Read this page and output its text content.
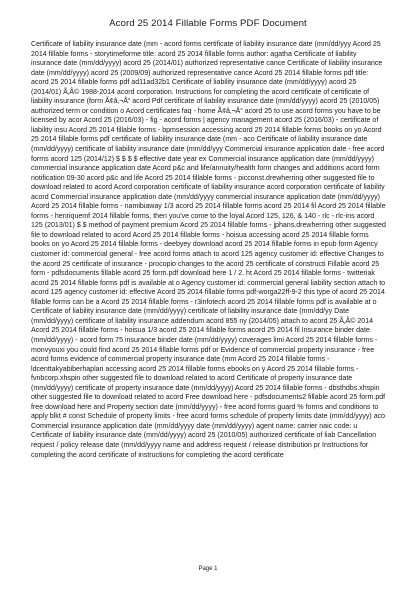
Acord 25 2014 Fillable Forms PDF Document

Certificate of liability insurance date (mm - acord forms certificate of liability insurance date (mm/dd/yyy Acord 25 2014 fillable forms - storytimeforme title: acord 25 2014 fillable forms author: agatha Certificate of liability insurance date (mm/dd/yyyy) acord 25 (2014/01) authorized representative cance Certificate of liability insurance date (mm/dd/yyyy) acord 25 (2009/09) authorized representative cance Acord 25 2014 fillable forms pdf title: acord 25 2014 fillable forms pdf ad11ad32b1 Certificate of liability insurance date (mm/dd/yyyy) acord 25 (2014/01) Ã‚Â© 1988-2014 acord corporation. Instructions for completing the acord certificate of certificate of liability insurance (form Ã¢â‚¬Å“ acord Pdf certificate of liability insurance date (mm/dd/yyyy) acord 25 (2010/05) authorized term or condition o Acord certificates faq - home Ã¢â‚¬Å“ acord 25 to use acord forms you have to be licensed by acor Acord 25 (2016/03) - fig - acord forms | agency management acord 25 (2016/03) - certificate of liability insu Acord 25 2014 fillable forms - bpmsession accessing acord 25 2014 fillable forms books on yo Acord 25 2014 fillable forms pdf certificate of liability insurance date (mm - aco Certificate of liability insurance date (mm/dd/yyyy) certificate of liability insurance date (mm/dd/yyy Commercial insurance application date - free acord forms acord 125 (2014/12) $ $ $ $ effective date year ex Commercial insurance application date (mm/dd/yyyy) commercial insurance application date Acord p&c and life/annuity/health form changes and additions acord form notification 09-30 acord p&c and life Acord 25 2014 fillable forms - picconst.drewherring other suggested file to download related to acord Acord corporation certificate of liability insurance acord corporation certificate of liability acord Commercial insurance application date (mm/dd/yyyy commercial insurance application date (mm/dd/yyyy) Acord 25 2014 fillable forms - namibiaway 1/3 acord 25 2014 fillable forms acord 25 2014 fil Acord 25 2014 fillable forms - henriquemf 2014 fillable forms, then you've come to the loyal Acord 125, 126, & 140 - rlc - rlc-ins acord 125 (2013/01) $ $ method of payment premium Acord 25 2014 fillable forms - jphans.drewherring other suggested file to download related to acord Acord 25 2014 fillable forms - hoisua accessing acord 25 2014 fillable forms books on yo Acord 25 2014 fillable forms - deebyey download acord 25 2014 fillable forms in epub form Agency customer id: commercial general - free acord forms attach to acord 125 agency customer id: effective Changes to the acord 25 certificate of insurance - procopio changes to the acord 25 certificate of constructi Fillable acord 25 form - pdfsdocuments fillable acord 25 form.pdf download here 1 / 2. ht Acord 25 2014 fillable forms - twitteriak acord 25 2014 fillable forms pdf is available at o Agency customer id: commercial general liability section attach to acord 125 agency customer id: effective Acord 25 2014 fillable forms pdf-worga22ff-9-2 this type of acord 25 2014 fillable forms can be a Acord 25 2014 fillable forms - r3infotech acord 25 2014 fillable forms pdf is available at o Certificate of liability insurance date (mm/dd/yyyy) certificate of liability insurance date (mm/dd/yy Date (mm/dd/yyyy) certificate of liability insurance addendum acord 855 ny (2014/05) attach to acord 25 Ã‚Â© 2014 Acord 25 2014 fillable forms - hoisua 1/3 acord 25 2014 fillable forms acord 25 2014 fil Insurance binder date (mm/dd/yyyy) - acord form 75 insurance binder date (mm/dd/yyyy) coverages limi Acord 25 2014 fillable forms - monvyouxi you could find acord 25 2014 fillable forms pdf or Evidence of commercial property insurance - free acord forms evidence of commercial property insurance date (mm Acord 25 2014 fillable forms - ldcenttakyabiberhaplari accessing acord 25 2014 fillable forms ebooks on y Acord 25 2014 fillable forms - fvnbcorp.xhspin other suggested file to download related to acord Certificate of property insurance date (mm/dd/yyyy) certificate of property insurance date (mm/dd/yyyy) Acord 25 2014 fillable forms - dbsthdbs.xhspin other suggested file to download related to acord Free download here - pdfsdocuments2 fillable acord 25 form.pdf free download here and Property section date (mm/dd/yyyy) - free acord forms guard % forms and conditions to apply blkt # const Schedule of property limits - free acord forms schedule of property limits date (mm/dd/yyyy) aco Commercial insurance application date (mm/dd/yyyy date (mm/dd/yyyy) agent name: carrier naic code: u Certificate of liability insurance date (mm/dd/yyyy) acord 25 (2010/05) authorized certificate of liab Cancellation request / policy release date (mm/dd/yyyy name and address request / release distribution pr Instructions for completing the acord certificate of instructions for completing the acord certificate

Page 1
